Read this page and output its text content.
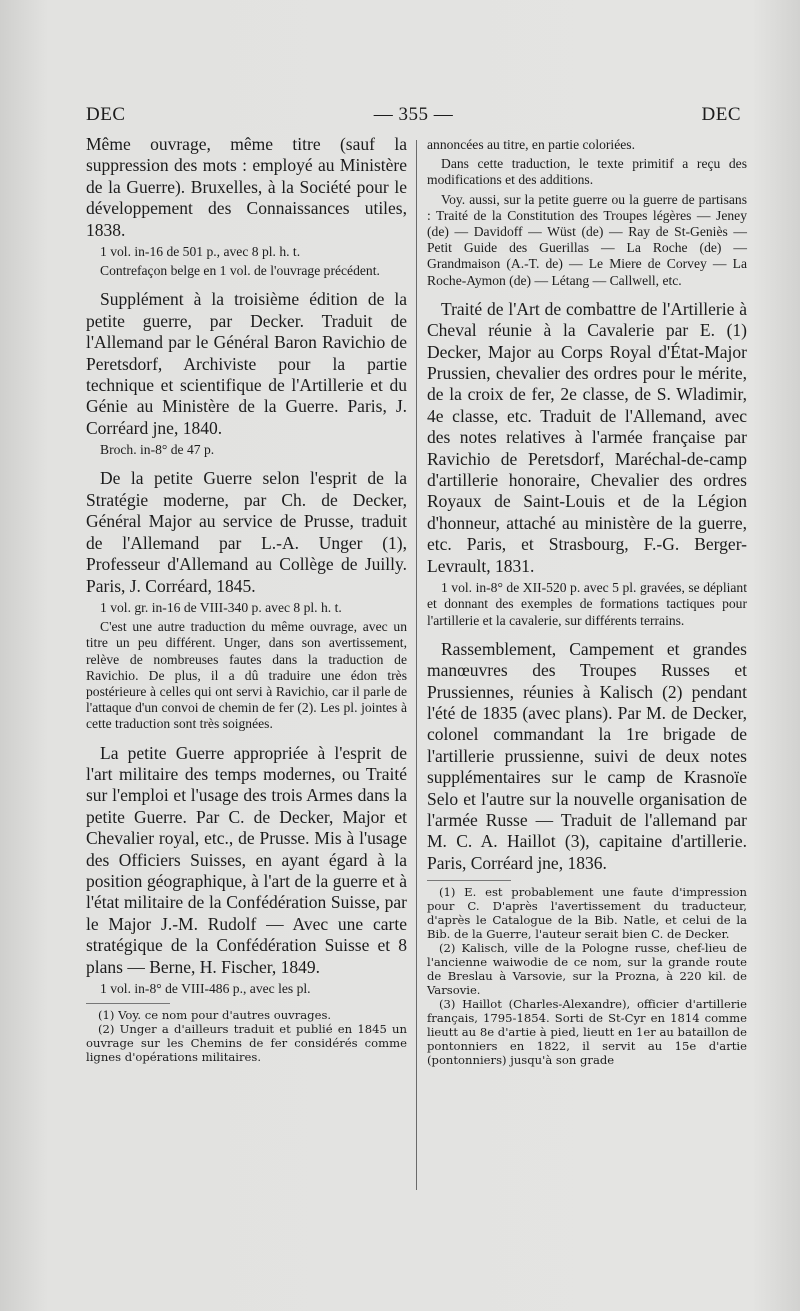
DEC	— 355 —	DEC

Même ouvrage, même titre (sauf la suppression des mots : employé au Ministère de la Guerre). Bruxelles, à la Société pour le développement des Connaissances utiles, 1838.

1 vol. in-16 de 501 p., avec 8 pl. h. t.

Contrefaçon belge en 1 vol. de l'ouvrage précédent.

Supplément à la troisième édition de la petite guerre, par Decker. Traduit de l'Allemand par le Général Baron Ravichio de Peretsdorf, Archiviste pour la partie technique et scientifique de l'Artillerie et du Génie au Ministère de la Guerre. Paris, J. Corréard jne, 1840.

Broch. in-8° de 47 p.

De la petite Guerre selon l'esprit de la Stratégie moderne, par Ch. de Decker, Général Major au service de Prusse, traduit de l'Allemand par L.-A. Unger (1), Professeur d'Allemand au Collège de Juilly. Paris, J. Corréard, 1845.

1 vol. gr. in-16 de VIII-340 p. avec 8 pl. h. t.

C'est une autre traduction du même ouvrage, avec un titre un peu différent. Unger, dans son avertissement, relève de nombreuses fautes dans la traduction de Ravichio. De plus, il a dû traduire une édon très postérieure à celles qui ont servi à Ravichio, car il parle de l'attaque d'un convoi de chemin de fer (2). Les pl. jointes à cette traduction sont très soignées.

La petite Guerre appropriée à l'esprit de l'art militaire des temps modernes, ou Traité sur l'emploi et l'usage des trois Armes dans la petite Guerre. Par C. de Decker, Major et Chevalier royal, etc., de Prusse. Mis à l'usage des Officiers Suisses, en ayant égard à la position géographique, à l'art de la guerre et à l'état militaire de la Confédération Suisse, par le Major J.-M. Rudolf — Avec une carte stratégique de la Confédération Suisse et 8 plans — Berne, H. Fischer, 1849.

1 vol. in-8° de VIII-486 p., avec les pl.

(1) Voy. ce nom pour d'autres ouvrages.

(2) Unger a d'ailleurs traduit et publié en 1845 un ouvrage sur les Chemins de fer considérés comme lignes d'opérations militaires.

annoncées au titre, en partie coloriées.

Dans cette traduction, le texte primitif a reçu des modifications et des additions.

Voy. aussi, sur la petite guerre ou la guerre de partisans : Traité de la Constitution des Troupes légères — Jeney (de) — Davidoff — Wüst (de) — Ray de St-Geniès — Petit Guide des Guerillas — La Roche (de) — Grandmaison (A.-T. de) — Le Miere de Corvey — La Roche-Aymon (de) — Létang — Callwell, etc.

Traité de l'Art de combattre de l'Artillerie à Cheval réunie à la Cavalerie par E. (1) Decker, Major au Corps Royal d'État-Major Prussien, chevalier des ordres pour le mérite, de la croix de fer, 2e classe, de S. Wladimir, 4e classe, etc. Traduit de l'Allemand, avec des notes relatives à l'armée française par Ravichio de Peretsdorf, Maréchal-de-camp d'artillerie honoraire, Chevalier des ordres Royaux de Saint-Louis et de la Légion d'honneur, attaché au ministère de la guerre, etc. Paris, et Strasbourg, F.-G. Berger-Levrault, 1831.

1 vol. in-8° de XII-520 p. avec 5 pl. gravées, se dépliant et donnant des exemples de formations tactiques pour l'artillerie et la cavalerie, sur différents terrains.

Rassemblement, Campement et grandes manœuvres des Troupes Russes et Prussiennes, réunies à Kalisch (2) pendant l'été de 1835 (avec plans). Par M. de Decker, colonel commandant la 1re brigade de l'artillerie prussienne, suivi de deux notes supplémentaires sur le camp de Krasnoïe Selo et l'autre sur la nouvelle organisation de l'armée Russe — Traduit de l'allemand par M. C. A. Haillot (3), capitaine d'artillerie. Paris, Corréard jne, 1836.

(1) E. est probablement une faute d'impression pour C. D'après l'avertissement du traducteur, d'après le Catalogue de la Bib. Natle, et celui de la Bib. de la Guerre, l'auteur serait bien C. de Decker.

(2) Kalisch, ville de la Pologne russe, chef-lieu de l'ancienne waiwodie de ce nom, sur la grande route de Breslau à Varsovie, sur la Prozna, à 220 kil. de Varsovie.

(3) Haillot (Charles-Alexandre), officier d'artillerie français, 1795-1854. Sorti de St-Cyr en 1814 comme lieutt au 8e d'artie à pied, lieutt en 1er au bataillon de pontonniers en 1822, il servit au 15e d'artie (pontonniers) jusqu'à son grade
